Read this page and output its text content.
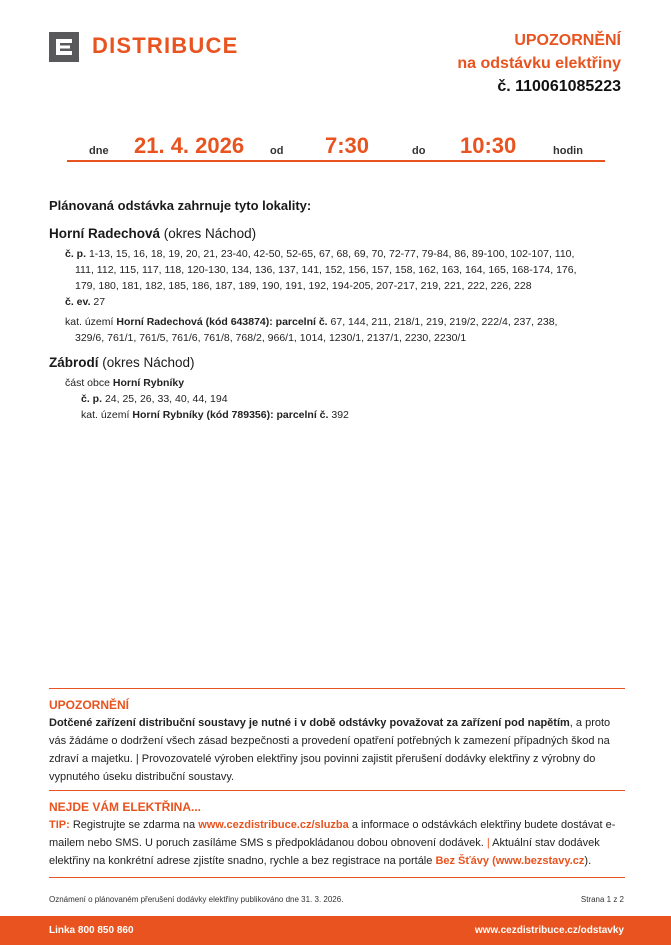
DISTRIBUCE	UPOZORNĚNÍ
na odstávku elektřiny
č. 110061085223
dne 21. 4. 2026 od 7:30	do 10:30	hodin
Plánovaná odstávka zahrnuje tyto lokality:
Horní Radechová (okres Náchod)
č. p. 1-13, 15, 16, 18, 19, 20, 21, 23-40, 42-50, 52-65, 67, 68, 69, 70, 72-77, 79-84, 86, 89-100, 102-107, 110,
111, 112, 115, 117, 118, 120-130, 134, 136, 137, 141, 152, 156, 157, 158, 162, 163, 164, 165, 168-174, 176,
179, 180, 181, 182, 185, 186, 187, 189, 190, 191, 192, 194-205, 207-217, 219, 221, 222, 226, 228
č. ev. 27
kat. území Horní Radechová (kód 643874): parcelní č. 67, 144, 211, 218/1, 219, 219/2, 222/4, 237, 238,
329/6, 761/1, 761/5, 761/6, 761/8, 768/2, 966/1, 1014, 1230/1, 2137/1, 2230, 2230/1
Zábrodí (okres Náchod)
část obce Horní Rybníky
č. p. 24, 25, 26, 33, 40, 44, 194
kat. území Horní Rybníky (kód 789356): parcelní č. 392
UPOZORNĚNÍ
Dotčené zařízení distribuční soustavy je nutné i v době odstávky považovat za zařízení pod napětím, a proto vás žádáme o dodržení všech zásad bezpečnosti a provedení opatření potřebných k zamezení případných škod na zdraví a majetku. | Provozovatelé výroben elektřiny jsou povinni zajistit přerušení dodávky elektřiny z výrobny do vypnutého úseku distribuční soustavy.
NEJDE VÁM ELEKTŘINA...
TIP: Registrujte se zdarma na www.cezdistribuce.cz/sluzba a informace o odstávkách elektřiny budete dostávat e-mailem nebo SMS. U poruch zasíláme SMS s předpokládanou dobou obnovení dodávek. | Aktuální stav dodávek elektřiny na konkrétní adrese zjistíte snadno, rychle a bez registrace na portále Bez Šťávy (www.bezstavy.cz).
Oznámení o plánovaném přerušení dodávky elektřiny publikováno dne 31. 3. 2026.	Strana 1 z 2
Linka 800 850 860	www.cezdistribuce.cz/odstavky
